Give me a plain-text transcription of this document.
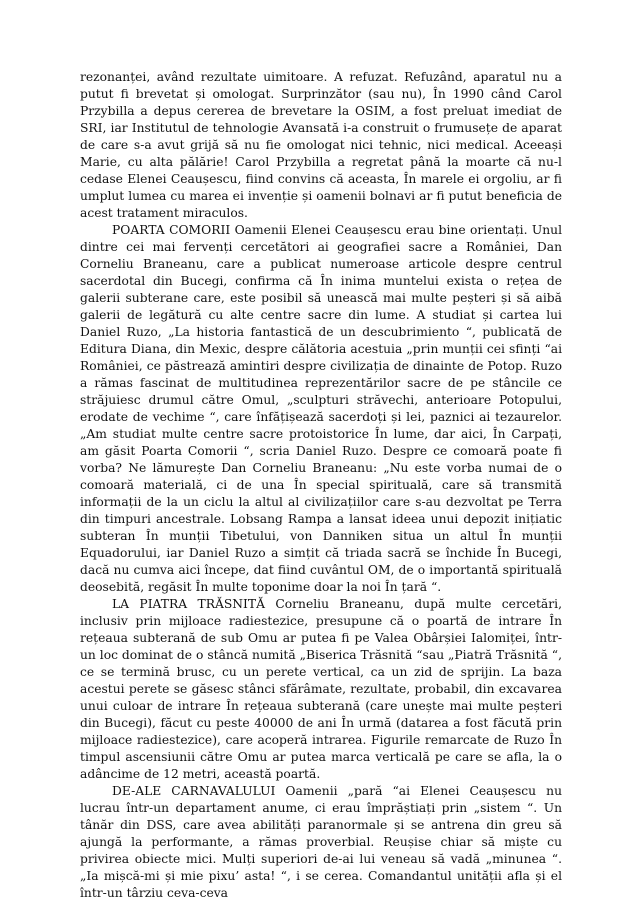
rezonanței, având rezultate uimitoare. A refuzat. Refuzând, aparatul nu a putut fi brevetat și omologat. Surprinzător (sau nu), În 1990 când Carol Przybilla a depus cererea de brevetare la OSIM, a fost preluat imediat de SRI, iar Institutul de tehnologie Avansată i-a construit o frumusețe de aparat de care s-a avut grijă să nu fie omologat nici tehnic, nici medical. Aceeași Marie, cu alta pălărie! Carol Przybilla a regretat până la moarte că nu-l cedase Elenei Ceaușescu, fiind convins că aceasta, În marele ei orgoliu, ar fi umplut lumea cu marea ei invenție și oamenii bolnavi ar fi putut beneficia de acest tratament miraculos.

POARTA COMORII Oamenii Elenei Ceaușescu erau bine orientați. Unul dintre cei mai fervenți cercetători ai geografiei sacre a României, Dan Corneliu Braneanu, care a publicat numeroase articole despre centrul sacerdotal din Bucegi, confirma că În inima muntelui exista o rețea de galerii subterane care, este posibil să unească mai multe peșteri și să aibă galerii de legătură cu alte centre sacre din lume. A studiat și cartea lui Daniel Ruzo, „La historia fantastică de un descubrimiento “, publicată de Editura Diana, din Mexic, despre călătoria acestuia „prin munții cei sfinți “ai României, ce păstrează amintiri despre civilizația de dinainte de Potop. Ruzo a rămas fascinat de multitudinea reprezentărilor sacre de pe stâncile ce străjuiesc drumul către Omul, „sculpturi străvechi, anterioare Potopului, erodate de vechime “, care înfățișează sacerdoți și lei, paznici ai tezaurelor. „Am studiat multe centre sacre protoistorice În lume, dar aici, În Carpați, am găsit Poarta Comorii “, scria Daniel Ruzo. Despre ce comoară poate fi vorba? Ne lămurește Dan Corneliu Braneanu: „Nu este vorba numai de o comoară materială, ci de una În special spirituală, care să transmită informații de la un ciclu la altul al civilizațiilor care s-au dezvoltat pe Terra din timpuri ancestrale. Lobsang Rampa a lansat ideea unui depozit inițiatic subteran În munții Tibetului, von Danniken situa un altul În munții Equadorului, iar Daniel Ruzo a simțit că triada sacră se închide În Bucegi, dacă nu cumva aici începe, dat fiind cuvântul OM, de o importantă spirituală deosebită, regăsit În multe toponime doar la noi În țară “.

LA PIATRA TRĂSNITĂ Corneliu Braneanu, după multe cercetări, inclusiv prin mijloace radiestezice, presupune că o poartă de intrare În rețeaua subterană de sub Omu ar putea fi pe Valea Obârșiei Ialomiței, într-un loc dominat de o stâncă numită „Biserica Trăsnită “sau „Piatră Trăsnită “, ce se termină brusc, cu un perete vertical, ca un zid de sprijin. La baza acestui perete se găsesc stânci sfărâmate, rezultate, probabil, din excavarea unui culoar de intrare În rețeaua subterană (care unește mai multe peșteri din Bucegi), făcut cu peste 40000 de ani În urmă (datarea a fost făcută prin mijloace radiestezice), care acoperă intrarea. Figurile remarcate de Ruzo În timpul ascensiunii către Omu ar putea marca verticală pe care se afla, la o adâncime de 12 metri, această poartă.

DE-ALE CARNAVALULUI Oamenii „pară “ai Elenei Ceaușescu nu lucrau într-un departament anume, ci erau împrăștiați prin „sistem “. Un tânăr din DSS, care avea abilități paranormale și se antrena din greu să ajungă la performante, a rămas proverbial. Reușise chiar să miște cu privirea obiecte mici. Mulți superiori de-ai lui veneau să vadă „minunea “. „Ia mișcă-mi și mie pixu’ asta! “, i se cerea. Comandantul unității afla și el într-un târziu ceva-ceva
